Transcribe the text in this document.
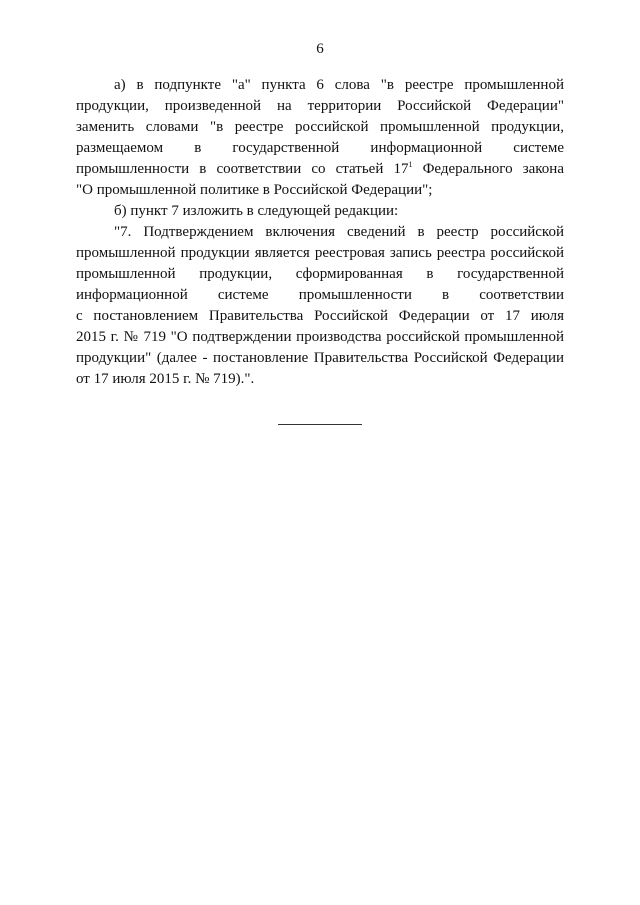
6
а) в подпункте "а" пункта 6 слова "в реестре промышленной
продукции, произведенной на территории Российской Федерации"
заменить словами "в реестре российской промышленной продукции,
размещаемом в государственной информационной системе
промышленности в соответствии со статьей $17^1$ Федерального закона
"О промышленной политике в Российской Федерации";
б) пункт 7 изложить в следующей редакции:
"7. Подтверждением включения сведений в реестр российской
промышленной продукции является реестровая запись реестра российской
промышленной продукции, сформированная в государственной
информационной системе промышленности в соответствии
с постановлением Правительства Российской Федерации от 17 июля
2015 г. № 719 "О подтверждении производства российской промышленной
продукции" (далее - постановление Правительства Российской Федерации
от 17 июля 2015 г. № 719).".
